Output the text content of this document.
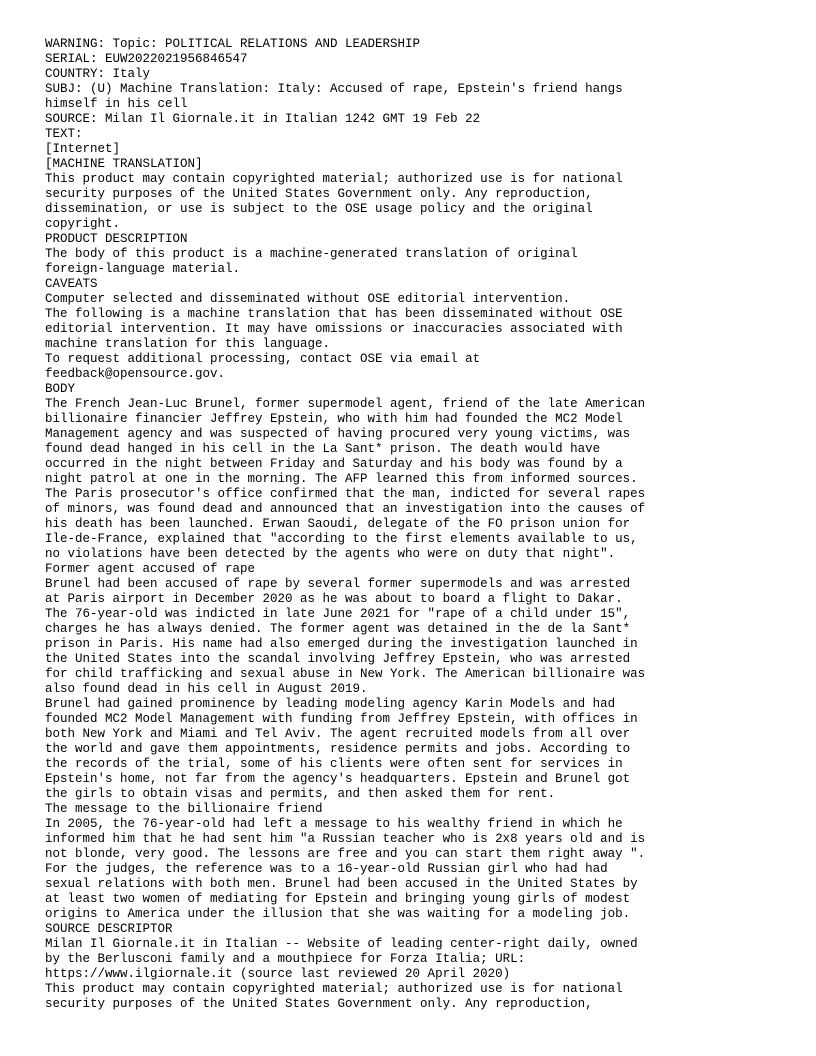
WARNING: Topic: POLITICAL RELATIONS AND LEADERSHIP
SERIAL: EUW2022021956846547
COUNTRY: Italy
SUBJ: (U) Machine Translation: Italy: Accused of rape, Epstein's friend hangs
himself in his cell
SOURCE: Milan Il Giornale.it in Italian 1242 GMT 19 Feb 22
TEXT:
[Internet]
[MACHINE TRANSLATION]
This product may contain copyrighted material; authorized use is for national
security purposes of the United States Government only. Any reproduction,
dissemination, or use is subject to the OSE usage policy and the original
copyright.
PRODUCT DESCRIPTION
The body of this product is a machine-generated translation of original
foreign-language material.
CAVEATS
Computer selected and disseminated without OSE editorial intervention.
The following is a machine translation that has been disseminated without OSE
editorial intervention. It may have omissions or inaccuracies associated with
machine translation for this language.
To request additional processing, contact OSE via email at
feedback@opensource.gov.
BODY
The French Jean-Luc Brunel, former supermodel agent, friend of the late American
billionaire financier Jeffrey Epstein, who with him had founded the MC2 Model
Management agency and was suspected of having procured very young victims, was
found dead hanged in his cell in the La Sant* prison. The death would have
occurred in the night between Friday and Saturday and his body was found by a
night patrol at one in the morning. The AFP learned this from informed sources.
The Paris prosecutor's office confirmed that the man, indicted for several rapes
of minors, was found dead and announced that an investigation into the causes of
his death has been launched. Erwan Saoudi, delegate of the FO prison union for
Ile-de-France, explained that "according to the first elements available to us,
no violations have been detected by the agents who were on duty that night".
Former agent accused of rape
Brunel had been accused of rape by several former supermodels and was arrested
at Paris airport in December 2020 as he was about to board a flight to Dakar.
The 76-year-old was indicted in late June 2021 for "rape of a child under 15",
charges he has always denied. The former agent was detained in the de la Sant*
prison in Paris. His name had also emerged during the investigation launched in
the United States into the scandal involving Jeffrey Epstein, who was arrested
for child trafficking and sexual abuse in New York. The American billionaire was
also found dead in his cell in August 2019.
Brunel had gained prominence by leading modeling agency Karin Models and had
founded MC2 Model Management with funding from Jeffrey Epstein, with offices in
both New York and Miami and Tel Aviv. The agent recruited models from all over
the world and gave them appointments, residence permits and jobs. According to
the records of the trial, some of his clients were often sent for services in
Epstein's home, not far from the agency's headquarters. Epstein and Brunel got
the girls to obtain visas and permits, and then asked them for rent.
The message to the billionaire friend
In 2005, the 76-year-old had left a message to his wealthy friend in which he
informed him that he had sent him "a Russian teacher who is 2x8 years old and is
not blonde, very good. The lessons are free and you can start them right away ".
For the judges, the reference was to a 16-year-old Russian girl who had had
sexual relations with both men. Brunel had been accused in the United States by
at least two women of mediating for Epstein and bringing young girls of modest
origins to America under the illusion that she was waiting for a modeling job.
SOURCE DESCRIPTOR
Milan Il Giornale.it in Italian -- Website of leading center-right daily, owned
by the Berlusconi family and a mouthpiece for Forza Italia; URL:
https://www.ilgiornale.it (source last reviewed 20 April 2020)
This product may contain copyrighted material; authorized use is for national
security purposes of the United States Government only. Any reproduction,
